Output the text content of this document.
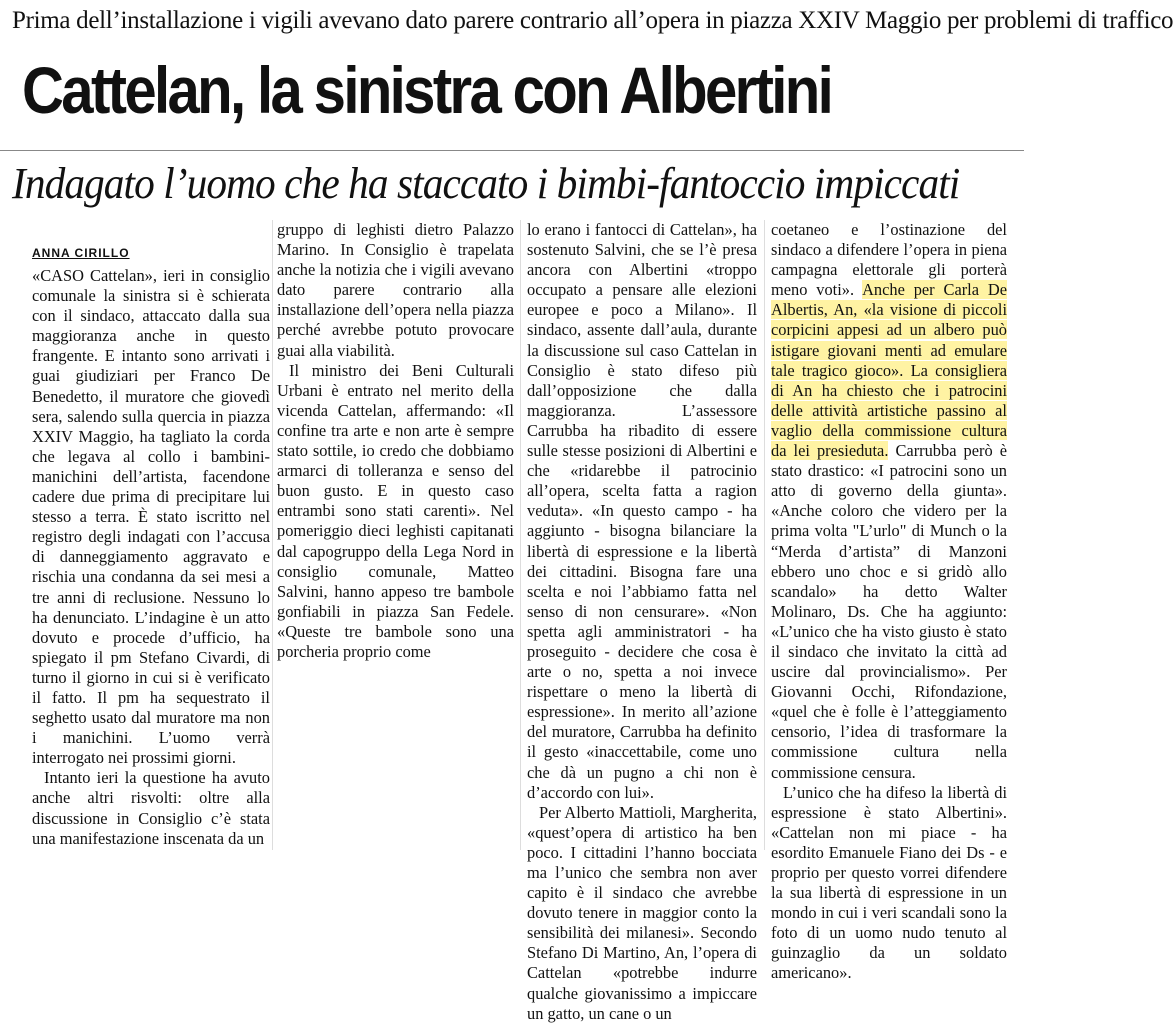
Prima dell’installazione i vigili avevano dato parere contrario all’opera in piazza XXIV Maggio per problemi di traffico
Cattelan, la sinistra con Albertini
Indagato l’uomo che ha staccato i bimbi-fantoccio impiccati
ANNA CIRILLO

«CASO Cattelan», ieri in consiglio comunale la sinistra si è schierata con il sindaco, attaccato dalla sua maggioranza anche in questo frangente. E intanto sono arrivati i guai giudiziari per Franco De Benedetto, il muratore che giovedì sera, salendo sulla quercia in piazza XXIV Maggio, ha tagliato la corda che legava al collo i bambini-manichini dell’artista, facendone cadere due prima di precipitare lui stesso a terra. È stato iscritto nel registro degli indagati con l’accusa di danneggiamento aggravato e rischia una condanna da sei mesi a tre anni di reclusione. Nessuno lo ha denunciato. L’indagine è un atto dovuto e procede d’ufficio, ha spiegato il pm Stefano Civardi, di turno il giorno in cui si è verificato il fatto. Il pm ha sequestrato il seghetto usato dal muratore ma non i manichini. L’uomo verrà interrogato nei prossimi giorni.

Intanto ieri la questione ha avuto anche altri risvolti: oltre alla discussione in Consiglio c’è stata una manifestazione inscenata da un

gruppo di leghisti dietro Palazzo Marino. In Consiglio è trapelata anche la notizia che i vigili avevano dato parere contrario alla installazione dell’opera nella piazza perché avrebbe potuto provocare guai alla viabilità.

Il ministro dei Beni Culturali Urbani è entrato nel merito della vicenda Cattelan, affermando: «Il confine tra arte e non arte è sempre stato sottile, io credo che dobbiamo armarci di tolleranza e senso del buon gusto. E in questo caso entrambi sono stati carenti». Nel pomeriggio dieci leghisti capitanati dal capogruppo della Lega Nord in consiglio comunale, Matteo Salvini, hanno appeso tre bambole gonfiabili in piazza San Fedele. «Queste tre bambole sono una porcheria proprio come

lo erano i fantocci di Cattelan», ha sostenuto Salvini, che se l’è presa ancora con Albertini «troppo occupato a pensare alle elezioni europee e poco a Milano». Il sindaco, assente dall’aula, durante la discussione sul caso Cattelan in Consiglio è stato difeso più dall’opposizione che dalla maggioranza. L’assessore Carrubba ha ribadito di essere sulle stesse posizioni di Albertini e che «ridarebbe il patrocinio all’opera, scelta fatta a ragion veduta». «In questo campo - ha aggiunto - bisogna bilanciare la libertà di espressione e la libertà dei cittadini. Bisogna fare una scelta e noi l’abbiamo fatta nel senso di non censurare». «Non spetta agli amministratori - ha proseguito - decidere che cosa è arte o no, spetta a noi invece rispettare o meno la libertà di espressione». In merito all’azione del muratore, Carrubba ha definito il gesto «inaccettabile, come uno che dà un pugno a chi non è d’accordo con lui».

Per Alberto Mattioli, Margherita, «quest’opera di artistico ha ben poco. I cittadini l’hanno bocciata ma l’unico che sembra non aver capito è il sindaco che avrebbe dovuto tenere in maggior conto la sensibilità dei milanesi». Secondo Stefano Di Martino, An, l’opera di Cattelan «potrebbe indurre qualche giovanissimo a impiccare un gatto, un cane o un

coetaneo e l’ostinazione del sindaco a difendere l’opera in piena campagna elettorale gli porterà meno voti». Anche per Carla De Albertis, An, «la visione di piccoli corpicini appesi ad un albero può istigare giovani menti ad emulare tale tragico gioco». La consigliera di An ha chiesto che i patrocini delle attività artistiche passino al vaglio della commissione cultura da lei presieduta. Carrubba però è stato drastico: «I patrocini sono un atto di governo della giunta». «Anche coloro che videro per la prima volta "L’urlo" di Munch o la “Merda d’artista” di Manzoni ebbero uno choc e si gridò allo scandalo» ha detto Walter Molinaro, Ds. Che ha aggiunto: «L’unico che ha visto giusto è stato il sindaco che invitato la città ad uscire dal provincialismo». Per Giovanni Occhi, Rifondazione, «quel che è folle è l’atteggiamento censorio, l’idea di trasformare la commissione cultura nella commissione censura.

L’unico che ha difeso la libertà di espressione è stato Albertini». «Cattelan non mi piace - ha esordito Emanuele Fiano dei Ds - e proprio per questo vorrei difendere la sua libertà di espressione in un mondo in cui i veri scandali sono la foto di un uomo nudo tenuto al guinzaglio da un soldato americano».
